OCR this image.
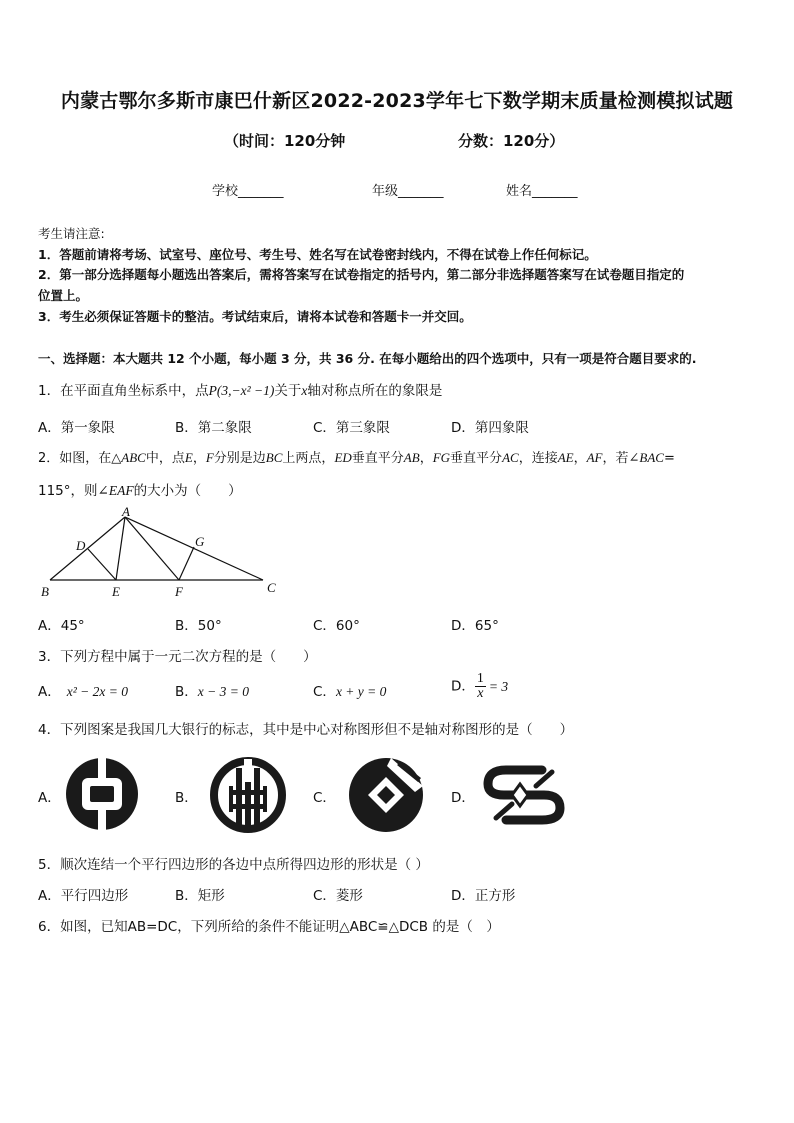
内蒙古鄂尔多斯市康巴什新区2022-2023学年七下数学期末质量检测模拟试题
（时间：120分钟	分数：120分）
学校_______	年级_______	姓名_______
考生请注意:
1．答题前请将考场、试室号、座位号、考生号、姓名写在试卷密封线内，不得在试卷上作任何标记。
2．第一部分选择题每小题选出答案后，需将答案写在试卷指定的括号内，第二部分非选择题答案写在试卷题目指定的
位置上。
3．考生必须保证答题卡的整洁。考试结束后，请将本试卷和答题卡一并交回。
一、选择题：本大题共 12 个小题，每小题 3 分，共 36 分. 在每小题给出的四个选项中，只有一项是符合题目要求的.
1．在平面直角坐标系中，点P(3,−x² −1)关于x轴对称点所在的象限是
A．第一象限	B．第二象限	C．第三象限	D．第四象限
2．如图，在△ABC中，点E，F分别是边BC上两点，ED垂直平分AB，FG垂直平分AC，连接AE，AF，若∠BAC=
115°，则∠EAF的大小为（　　）
A
B	C
D
E	F
G
A．45°	B．50°	C．60°	D．65°
3．下列方程中属于一元二次方程的是（　　）
A． x² − 2x = 0	B．x − 3 = 0	C．x + y = 0	D． $\frac{1}{x} = 3$
4．下列图案是我国几大银行的标志，其中是中心对称图形但不是轴对称图形的是（　　）
A．	B．	C．	D．
5．顺次连结一个平行四边形的各边中点所得四边形的形状是（ ）
A．平行四边形	B．矩形	C．菱形	D．正方形
6．如图，已知AB=DC，下列所给的条件不能证明△ABC≌△DCB 的是（　）
